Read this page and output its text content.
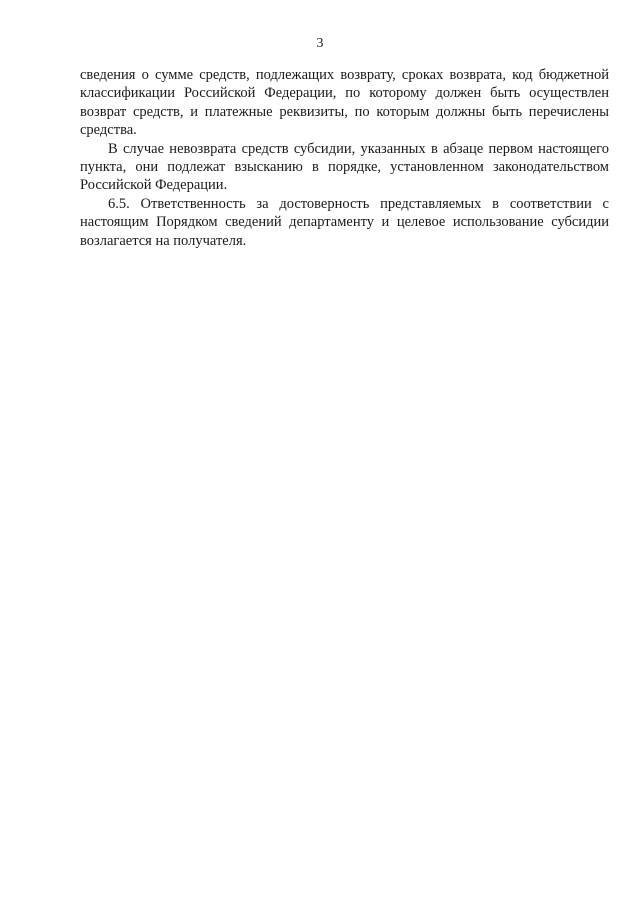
3

сведения о сумме средств, подлежащих возврату, сроках возврата, код бюджетной классификации Российской Федерации, по которому должен быть осуществлен возврат средств, и платежные реквизиты, по которым должны быть перечислены средства.

В случае невозврата средств субсидии, указанных в абзаце первом настоящего пункта, они подлежат взысканию в порядке, установленном законодательством Российской Федерации.

6.5. Ответственность за достоверность представляемых в соответствии с настоящим Порядком сведений департаменту и целевое использование субсидии возлагается на получателя.
